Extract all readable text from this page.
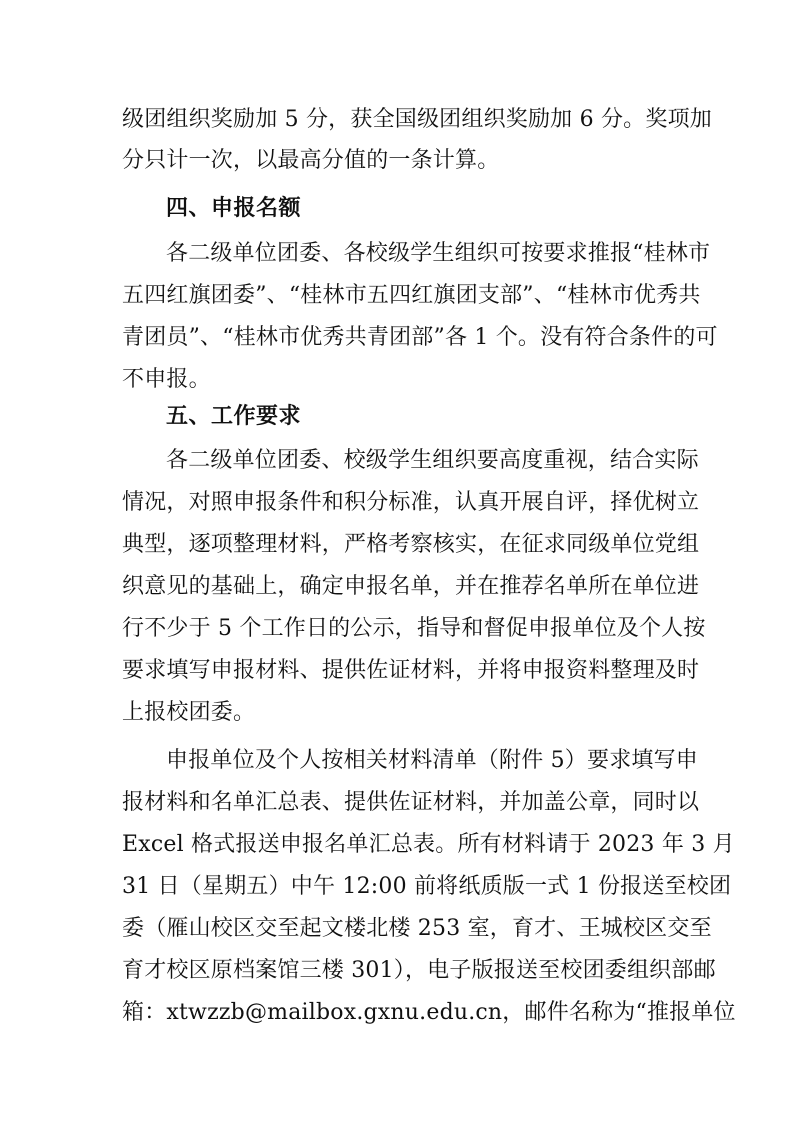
级团组织奖励加 5 分，获全国级团组织奖励加 6 分。奖项加
分只计一次，以最高分值的一条计算。
四、申报名额
各二级单位团委、各校级学生组织可按要求推报“桂林市
五四红旗团委”、“桂林市五四红旗团支部”、“桂林市优秀共
青团员”、“桂林市优秀共青团部”各 1 个。没有符合条件的可
不申报。
五、工作要求
各二级单位团委、校级学生组织要高度重视，结合实际
情况，对照申报条件和积分标准，认真开展自评，择优树立
典型，逐项整理材料，严格考察核实，在征求同级单位党组
织意见的基础上，确定申报名单，并在推荐名单所在单位进
行不少于 5 个工作日的公示，指导和督促申报单位及个人按
要求填写申报材料、提供佐证材料，并将申报资料整理及时
上报校团委。
申报单位及个人按相关材料清单（附件 5）要求填写申
报材料和名单汇总表、提供佐证材料，并加盖公章，同时以
Excel 格式报送申报名单汇总表。所有材料请于 2023 年 3 月
31 日（星期五）中午 12:00 前将纸质版一式 1 份报送至校团
委（雁山校区交至起文楼北楼 253 室，育才、王城校区交至
育才校区原档案馆三楼 301），电子版报送至校团委组织部邮
箱：xtwzzb@mailbox.gxnu.edu.cn，邮件名称为“推报单位
